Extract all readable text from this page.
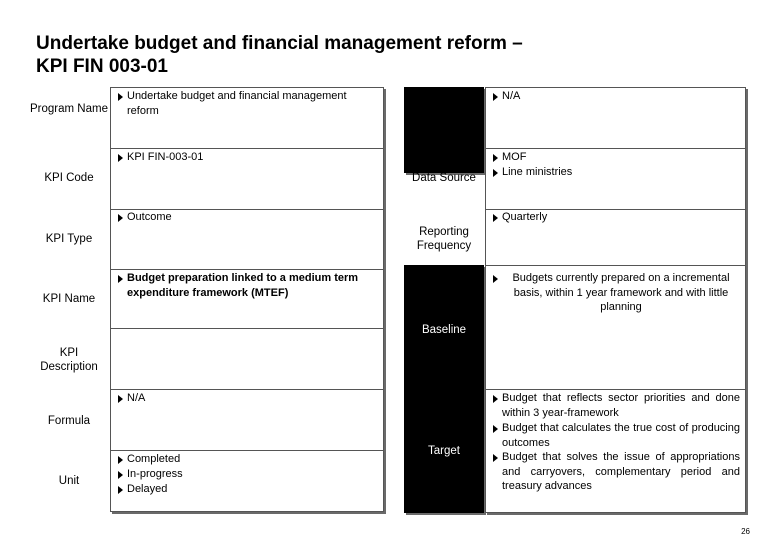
Undertake budget and financial management reform –
KPI FIN 003-01
Program Name
KPI Code
KPI Type
KPI Name
KPI Description
Formula
Unit
Undertake budget and financial management reform
KPI FIN-003-01
Outcome
Budget preparation linked to a medium term expenditure framework (MTEF)
N/A
Completed
In-progress
Delayed
Formula Parameters Definition
Data Source
Reporting Frequency
Baseline
Target
N/A
MOF
Line ministries
Quarterly
Budgets currently prepared on a incremental basis, within 1 year framework and with little planning
Budget that reflects sector priorities and done within 3 year-framework
Budget that calculates the true cost of producing outcomes
Budget that solves the issue of appropriations and carryovers, complementary period and treasury advances
26
